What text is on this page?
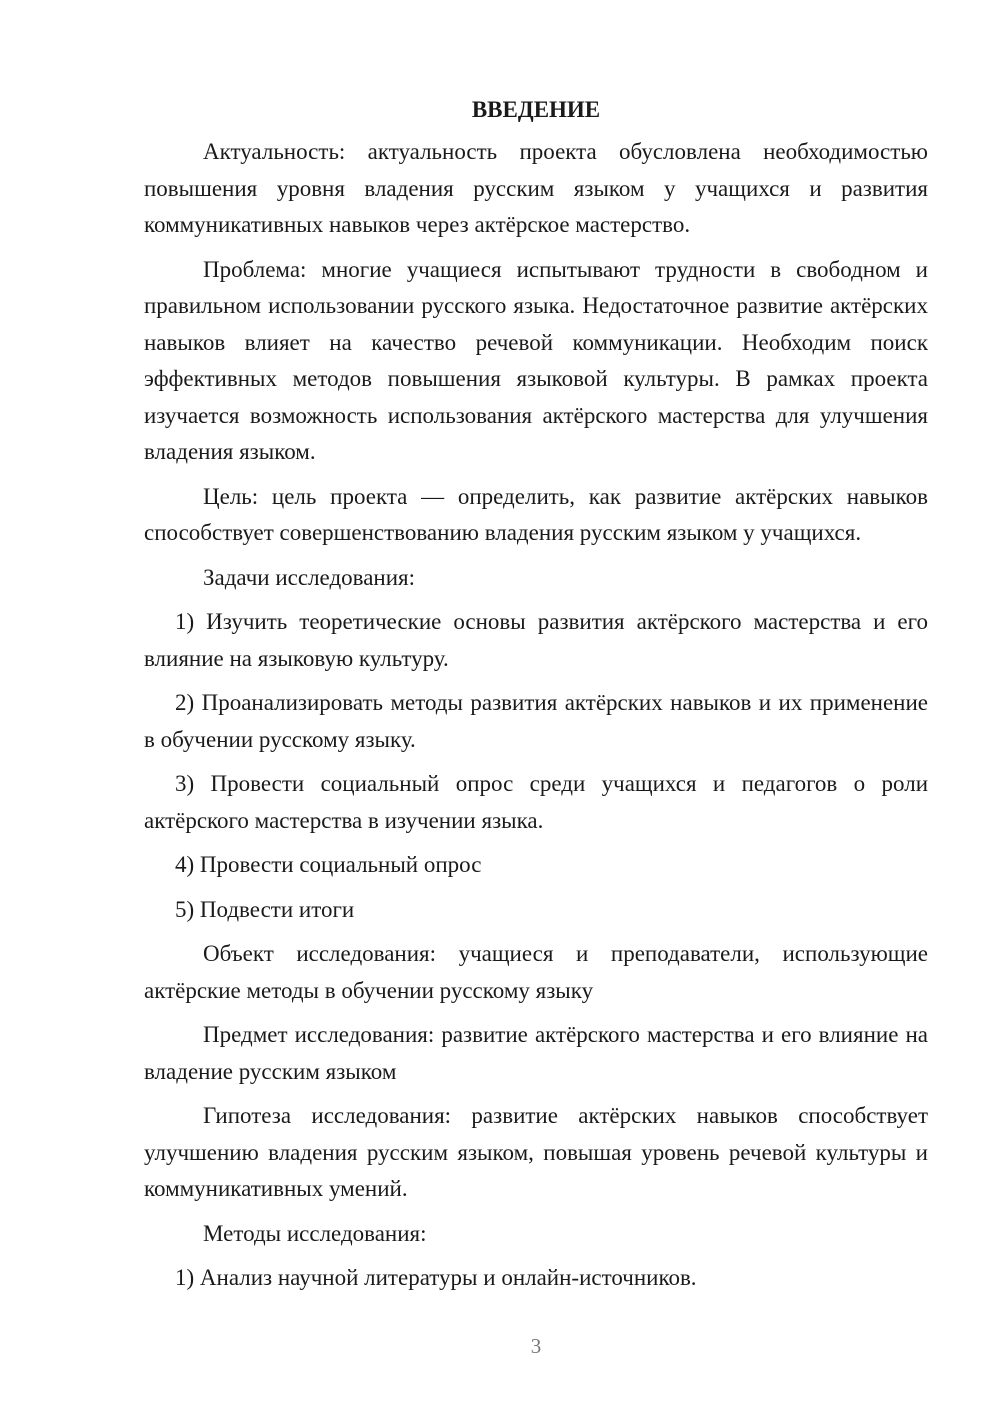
ВВЕДЕНИЕ

Актуальность: актуальность проекта обусловлена необходимостью повышения уровня владения русским языком у учащихся и развития коммуникативных навыков через актёрское мастерство.

Проблема: многие учащиеся испытывают трудности в свободном и правильном использовании русского языка. Недостаточное развитие актёрских навыков влияет на качество речевой коммуникации. Необходим поиск эффективных методов повышения языковой культуры. В рамках проекта изучается возможность использования актёрского мастерства для улучшения владения языком.

Цель: цель проекта — определить, как развитие актёрских навыков способствует совершенствованию владения русским языком у учащихся.

Задачи исследования:

1) Изучить теоретические основы развития актёрского мастерства и его влияние на языковую культуру.

2) Проанализировать методы развития актёрских навыков и их применение в обучении русскому языку.

3) Провести социальный опрос среди учащихся и педагогов о роли актёрского мастерства в изучении языка.

4) Провести социальный опрос

5) Подвести итоги

Объект исследования: учащиеся и преподаватели, использующие актёрские методы в обучении русскому языку

Предмет исследования: развитие актёрского мастерства и его влияние на владение русским языком

Гипотеза исследования: развитие актёрских навыков способствует улучшению владения русским языком, повышая уровень речевой культуры и коммуникативных умений.

Методы исследования:

1) Анализ научной литературы и онлайн-источников.

3
